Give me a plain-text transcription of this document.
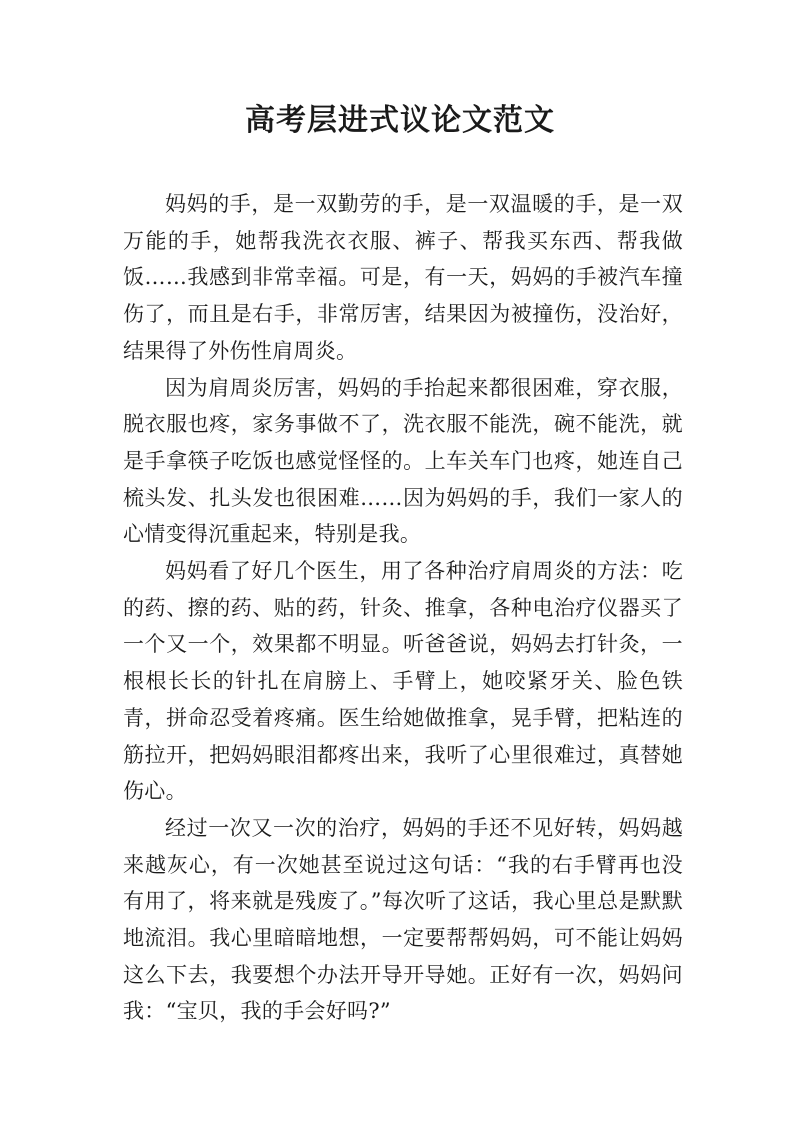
高考层进式议论文范文

妈妈的手，是一双勤劳的手，是一双温暖的手，是一双万能的手，她帮我洗衣衣服、裤子、帮我买东西、帮我做饭……我感到非常幸福。可是，有一天，妈妈的手被汽车撞伤了，而且是右手，非常厉害，结果因为被撞伤，没治好，结果得了外伤性肩周炎。

因为肩周炎厉害，妈妈的手抬起来都很困难，穿衣服，脱衣服也疼，家务事做不了，洗衣服不能洗，碗不能洗，就是手拿筷子吃饭也感觉怪怪的。上车关车门也疼，她连自己梳头发、扎头发也很困难……因为妈妈的手，我们一家人的心情变得沉重起来，特别是我。

妈妈看了好几个医生，用了各种治疗肩周炎的方法：吃的药、擦的药、贴的药，针灸、推拿，各种电治疗仪器买了一个又一个，效果都不明显。听爸爸说，妈妈去打针灸，一根根长长的针扎在肩膀上、手臂上，她咬紧牙关、脸色铁青，拼命忍受着疼痛。医生给她做推拿，晃手臂，把粘连的筋拉开，把妈妈眼泪都疼出来，我听了心里很难过，真替她伤心。

经过一次又一次的治疗，妈妈的手还不见好转，妈妈越来越灰心，有一次她甚至说过这句话：“我的右手臂再也没有用了，将来就是残废了。”每次听了这话，我心里总是默默地流泪。我心里暗暗地想，一定要帮帮妈妈，可不能让妈妈这么下去，我要想个办法开导开导她。正好有一次，妈妈问我：“宝贝，我的手会好吗?”
